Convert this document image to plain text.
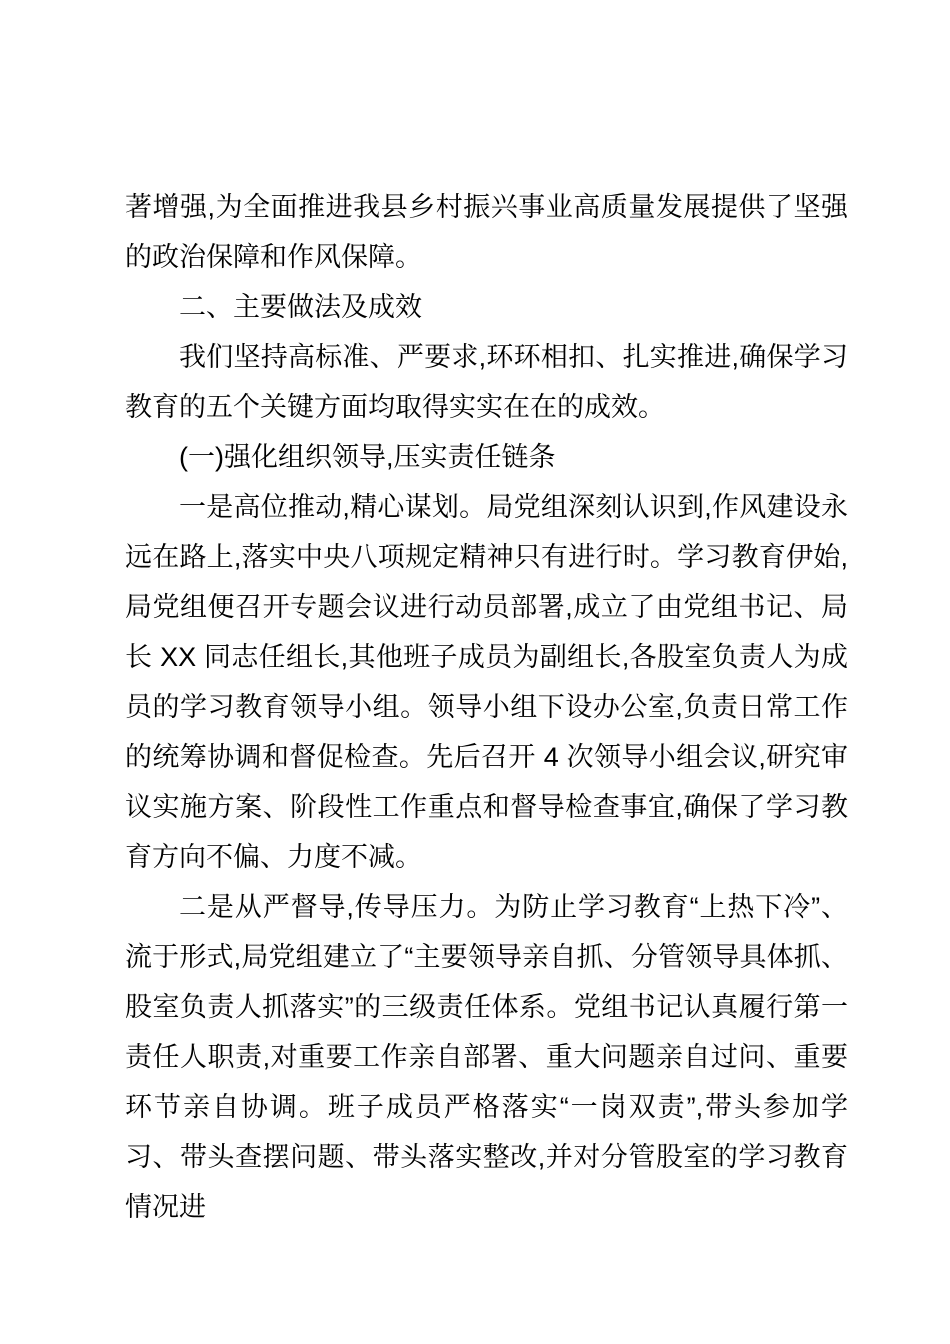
著增强,为全面推进我县乡村振兴事业高质量发展提供了坚强的政治保障和作风保障。

二、主要做法及成效

我们坚持高标准、严要求,环环相扣、扎实推进,确保学习教育的五个关键方面均取得实实在在的成效。

(一)强化组织领导,压实责任链条

一是高位推动,精心谋划。局党组深刻认识到,作风建设永远在路上,落实中央八项规定精神只有进行时。学习教育伊始,局党组便召开专题会议进行动员部署,成立了由党组书记、局长 XX 同志任组长,其他班子成员为副组长,各股室负责人为成员的学习教育领导小组。领导小组下设办公室,负责日常工作的统筹协调和督促检查。先后召开 4 次领导小组会议,研究审议实施方案、阶段性工作重点和督导检查事宜,确保了学习教育方向不偏、力度不减。

二是从严督导,传导压力。为防止学习教育“上热下冷”、流于形式,局党组建立了“主要领导亲自抓、分管领导具体抓、股室负责人抓落实”的三级责任体系。党组书记认真履行第一责任人职责,对重要工作亲自部署、重大问题亲自过问、重要环节亲自协调。班子成员严格落实“一岗双责”,带头参加学习、带头查摆问题、带头落实整改,并对分管股室的学习教育情况进
